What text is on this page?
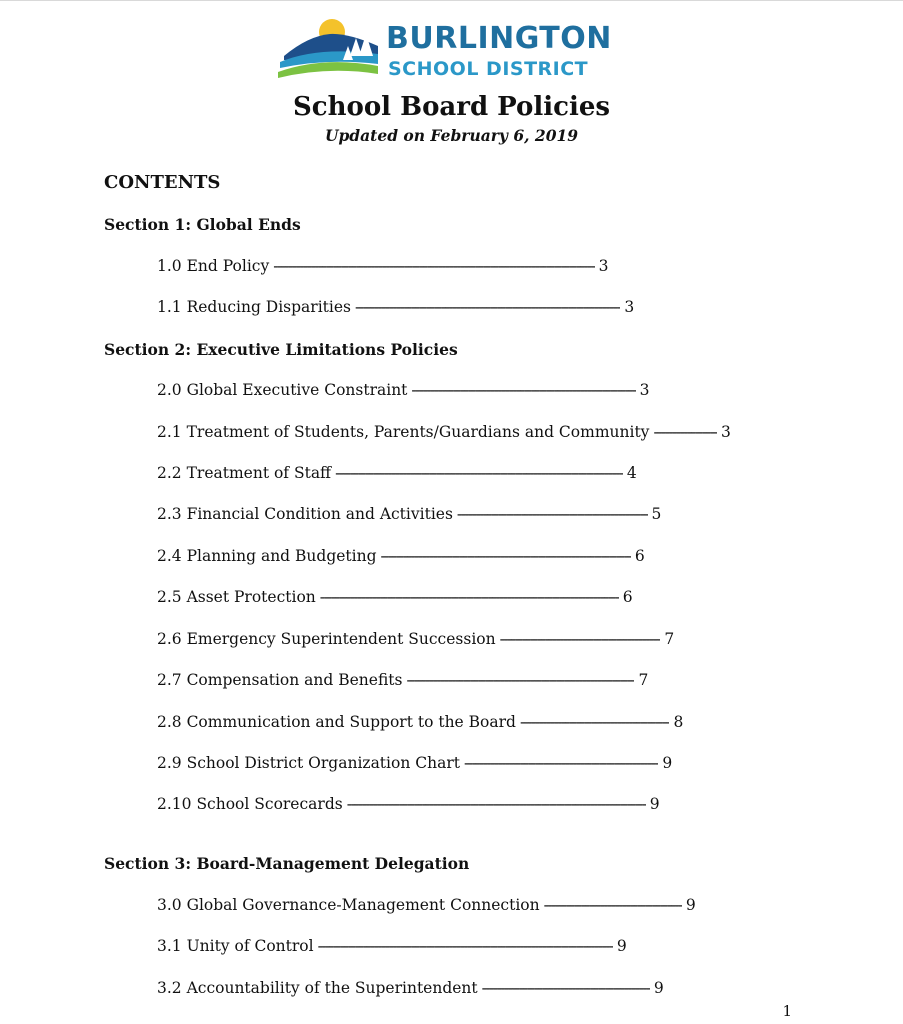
BURLINGTON
SCHOOL DISTRICT
School Board Policies
Updated on February 6, 2019
CONTENTS
Section 1: Global Ends
1.0 End Policy -------------------------------------------------------------------------------------- 3
1.1 Reducing Disparities ----------------------------------------------------------------------- 3
Section 2: Executive Limitations Policies
2.0 Global Executive Constraint ------------------------------------------------------------ 3
2.1 Treatment of Students, Parents/Guardians and Community ----------------- 3
2.2 Treatment of Staff ----------------------------------------------------------------------------- 4
2.3 Financial Condition and Activities --------------------------------------------------- 5
2.4 Planning and Budgeting ------------------------------------------------------------------- 6
2.5 Asset Protection -------------------------------------------------------------------------------- 6
2.6 Emergency Superintendent Succession ------------------------------------------- 7
2.7 Compensation and Benefits ------------------------------------------------------------- 7
2.8 Communication and Support to the Board ---------------------------------------- 8
2.9 School District Organization Chart ---------------------------------------------------- 9
2.10 School Scorecards -------------------------------------------------------------------------------- 9
Section 3: Board-Management Delegation
3.0 Global Governance-Management Connection ------------------------------------- 9
3.1 Unity of Control ------------------------------------------------------------------------------- 9
3.2 Accountability of the Superintendent --------------------------------------------- 9
1
